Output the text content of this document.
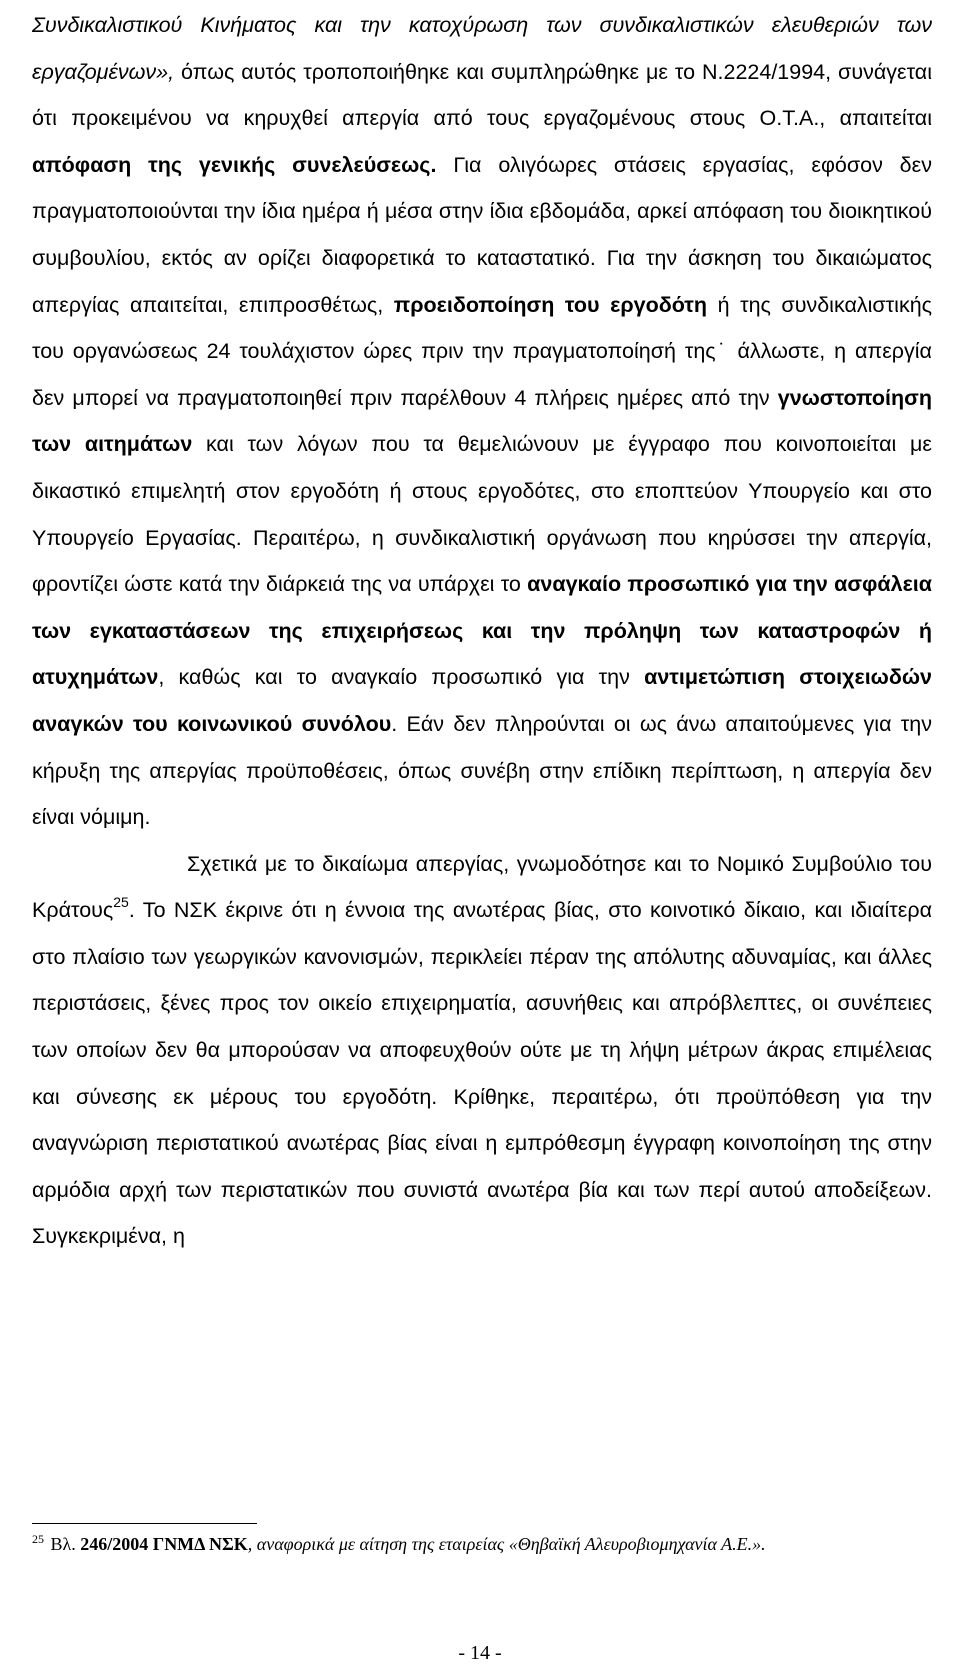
Συνδικαλιστικού Κινήματος και την κατοχύρωση των συνδικαλιστικών ελευθεριών των εργαζομένων», όπως αυτός τροποποιήθηκε και συμπληρώθηκε με το Ν.2224/1994, συνάγεται ότι προκειμένου να κηρυχθεί απεργία από τους εργαζομένους στους Ο.Τ.Α., απαιτείται απόφαση της γενικής συνελεύσεως. Για ολιγόωρες στάσεις εργασίας, εφόσον δεν πραγματοποιούνται την ίδια ημέρα ή μέσα στην ίδια εβδομάδα, αρκεί απόφαση του διοικητικού συμβουλίου, εκτός αν ορίζει διαφορετικά το καταστατικό. Για την άσκηση του δικαιώματος απεργίας απαιτείται, επιπροσθέτως, προειδοποίηση του εργοδότη ή της συνδικαλιστικής του οργανώσεως 24 τουλάχιστον ώρες πριν την πραγματοποίησή της˙ άλλωστε, η απεργία δεν μπορεί να πραγματοποιηθεί πριν παρέλθουν 4 πλήρεις ημέρες από την γνωστοποίηση των αιτημάτων και των λόγων που τα θεμελιώνουν με έγγραφο που κοινοποιείται με δικαστικό επιμελητή στον εργοδότη ή στους εργοδότες, στο εποπτεύον Υπουργείο και στο Υπουργείο Εργασίας. Περαιτέρω, η συνδικαλιστική οργάνωση που κηρύσσει την απεργία, φροντίζει ώστε κατά την διάρκειά της να υπάρχει το αναγκαίο προσωπικό για την ασφάλεια των εγκαταστάσεων της επιχειρήσεως και την πρόληψη των καταστροφών ή ατυχημάτων, καθώς και το αναγκαίο προσωπικό για την αντιμετώπιση στοιχειωδών αναγκών του κοινωνικού συνόλου. Εάν δεν πληρούνται οι ως άνω απαιτούμενες για την κήρυξη της απεργίας προϋποθέσεις, όπως συνέβη στην επίδικη περίπτωση, η απεργία δεν είναι νόμιμη.

Σχετικά με το δικαίωμα απεργίας, γνωμοδότησε και το Νομικό Συμβούλιο του Κράτους$^{25}$. Το ΝΣΚ έκρινε ότι η έννοια της ανωτέρας βίας, στο κοινοτικό δίκαιο, και ιδιαίτερα στο πλαίσιο των γεωργικών κανονισμών, περικλείει πέραν της απόλυτης αδυναμίας, και άλλες περιστάσεις, ξένες προς τον οικείο επιχειρηματία, ασυνήθεις και απρόβλεπτες, οι συνέπειες των οποίων δεν θα μπορούσαν να αποφευχθούν ούτε με τη λήψη μέτρων άκρας επιμέλειας και σύνεσης εκ μέρους του εργοδότη. Κρίθηκε, περαιτέρω, ότι προϋπόθεση για την αναγνώριση περιστατικού ανωτέρας βίας είναι η εμπρόθεσμη έγγραφη κοινοποίηση της στην αρμόδια αρχή των περιστατικών που συνιστά ανωτέρα βία και των περί αυτού αποδείξεων. Συγκεκριμένα, η

$^{25}$ Βλ. 246/2004 ΓΝΜΔ ΝΣΚ, αναφορικά με αίτηση της εταιρείας «Θηβαϊκή Αλευροβιομηχανία Α.Ε.».

- 14 -
